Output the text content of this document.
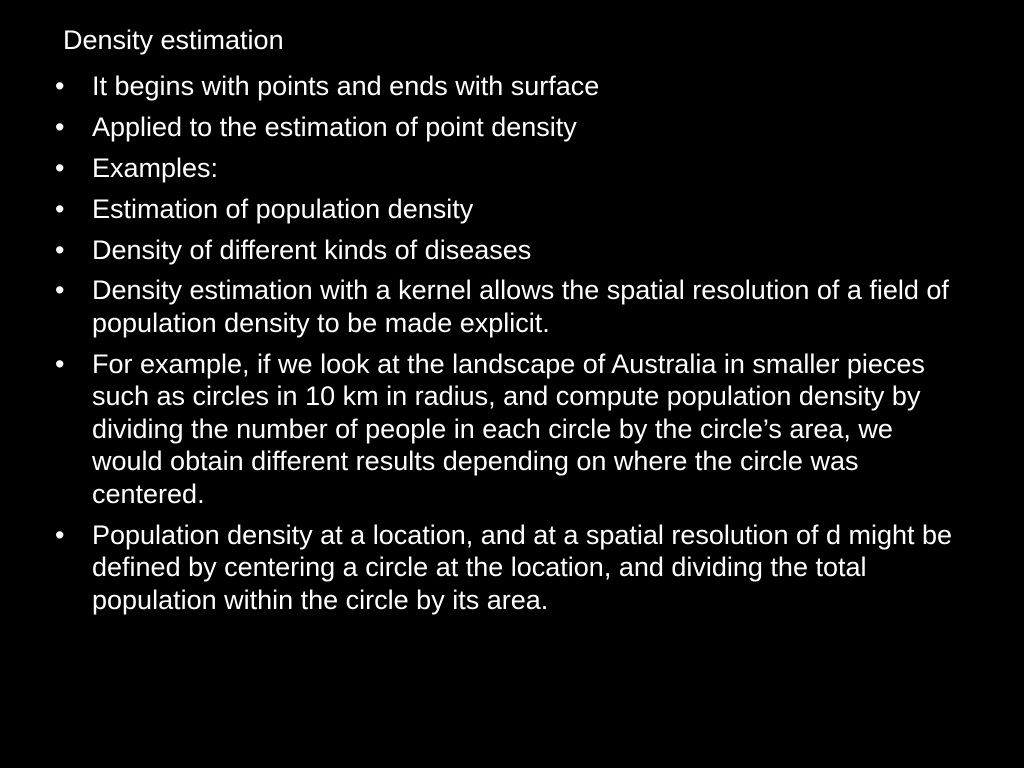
Density estimation
•	It begins with points and ends with surface
•	Applied to the estimation of point density
•	Examples:
•	Estimation of population density
•	Density of different kinds of diseases
•	Density estimation with a kernel allows the spatial resolution of a field of population density to be made explicit.
•	For example, if we look at the landscape of Australia in smaller pieces such as circles in 10 km in radius, and compute population density by dividing the number of people in each circle by the circle’s area, we would obtain different results depending on where the circle was centered.
•	Population density at a location, and at a spatial resolution of d might be defined by centering a circle at the location, and dividing the total population within the circle by its area.
